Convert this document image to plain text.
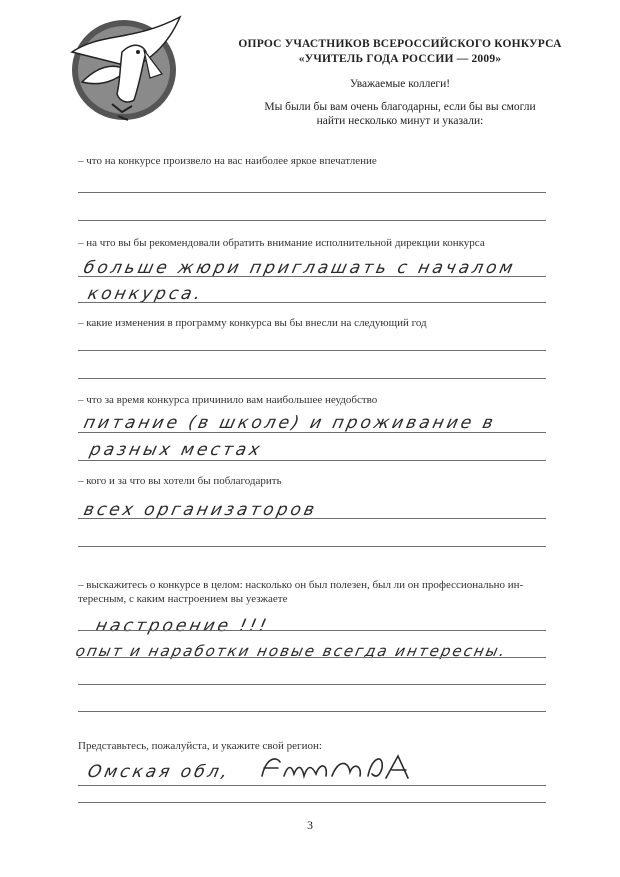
ОПРОС УЧАСТНИКОВ ВСЕРОССИЙСКОГО КОНКУРСА
«УЧИТЕЛЬ ГОДА РОССИИ — 2009»
Уважаемые коллеги!
Мы были бы вам очень благодарны, если бы вы смогли
найти несколько минут и указали:
– что на конкурсе произвело на вас наиболее яркое впечатление
– на что вы бы рекомендовали обратить внимание исполнительной дирекции конкурса
больше жюри приглашать с началом
конкурса.
– какие изменения в программу конкурса вы бы внесли на следующий год
– что за время конкурса причинило вам наибольшее неудобство
питание (в школе) и проживание в
разных местах
– кого и за что вы хотели бы поблагодарить
всех организаторов
– выскажитесь о конкурсе в целом: насколько он был полезен, был ли он профессионально ин-
тересным, с каким настроением вы уезжаете
настроение !!!
опыт и наработки новые всегда интересны.
Представьтесь, пожалуйста, и укажите свой регион:
Омская обл,
3
